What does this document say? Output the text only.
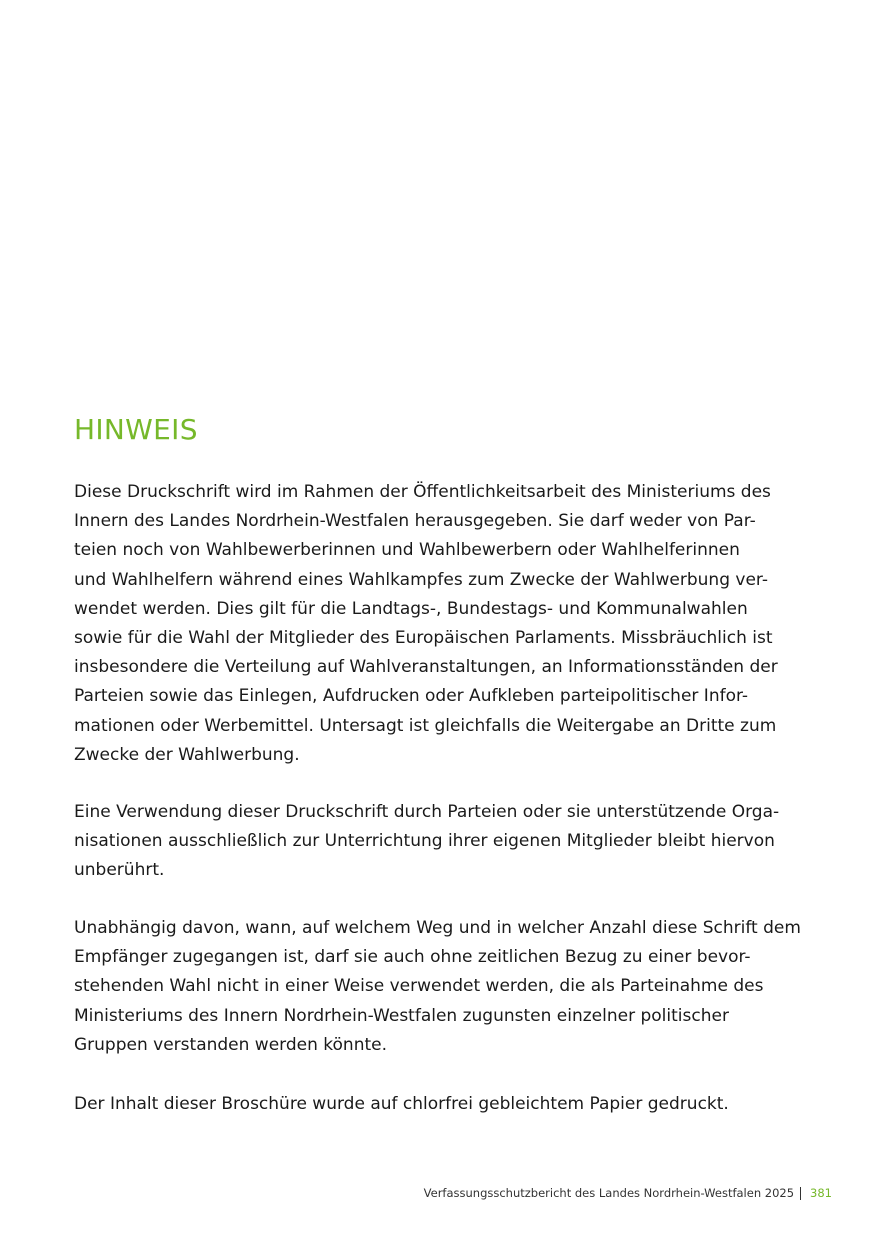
HINWEIS
Diese Druckschrift wird im Rahmen der Öffentlichkeitsarbeit des Ministeriums des
Innern des Landes Nordrhein-Westfalen herausgegeben. Sie darf weder von Par-
teien noch von Wahlbewerberinnen und Wahlbewerbern oder Wahlhelferinnen
und Wahlhelfern während eines Wahlkampfes zum Zwecke der Wahlwerbung ver-
wendet werden. Dies gilt für die Landtags-, Bundestags- und Kommunalwahlen
sowie für die Wahl der Mitglieder des Europäischen Parlaments. Missbräuchlich ist
insbesondere die Verteilung auf Wahlveranstaltungen, an Informationsständen der
Parteien sowie das Einlegen, Aufdrucken oder Aufkleben parteipolitischer Infor-
mationen oder Werbemittel. Untersagt ist gleichfalls die Weitergabe an Dritte zum
Zwecke der Wahlwerbung.
Eine Verwendung dieser Druckschrift durch Parteien oder sie unterstützende Orga-
nisationen ausschließlich zur Unterrichtung ihrer eigenen Mitglieder bleibt hiervon
unberührt.
Unabhängig davon, wann, auf welchem Weg und in welcher Anzahl diese Schrift dem
Empfänger zugegangen ist, darf sie auch ohne zeitlichen Bezug zu einer bevor-
stehenden Wahl nicht in einer Weise verwendet werden, die als Parteinahme des
Ministeriums des Innern Nordrhein-Westfalen zugunsten einzelner politischer
Gruppen verstanden werden könnte.
Der Inhalt dieser Broschüre wurde auf chlorfrei gebleichtem Papier gedruckt.
Verfassungsschutzbericht des Landes Nordrhein-Westfalen 2025 381
